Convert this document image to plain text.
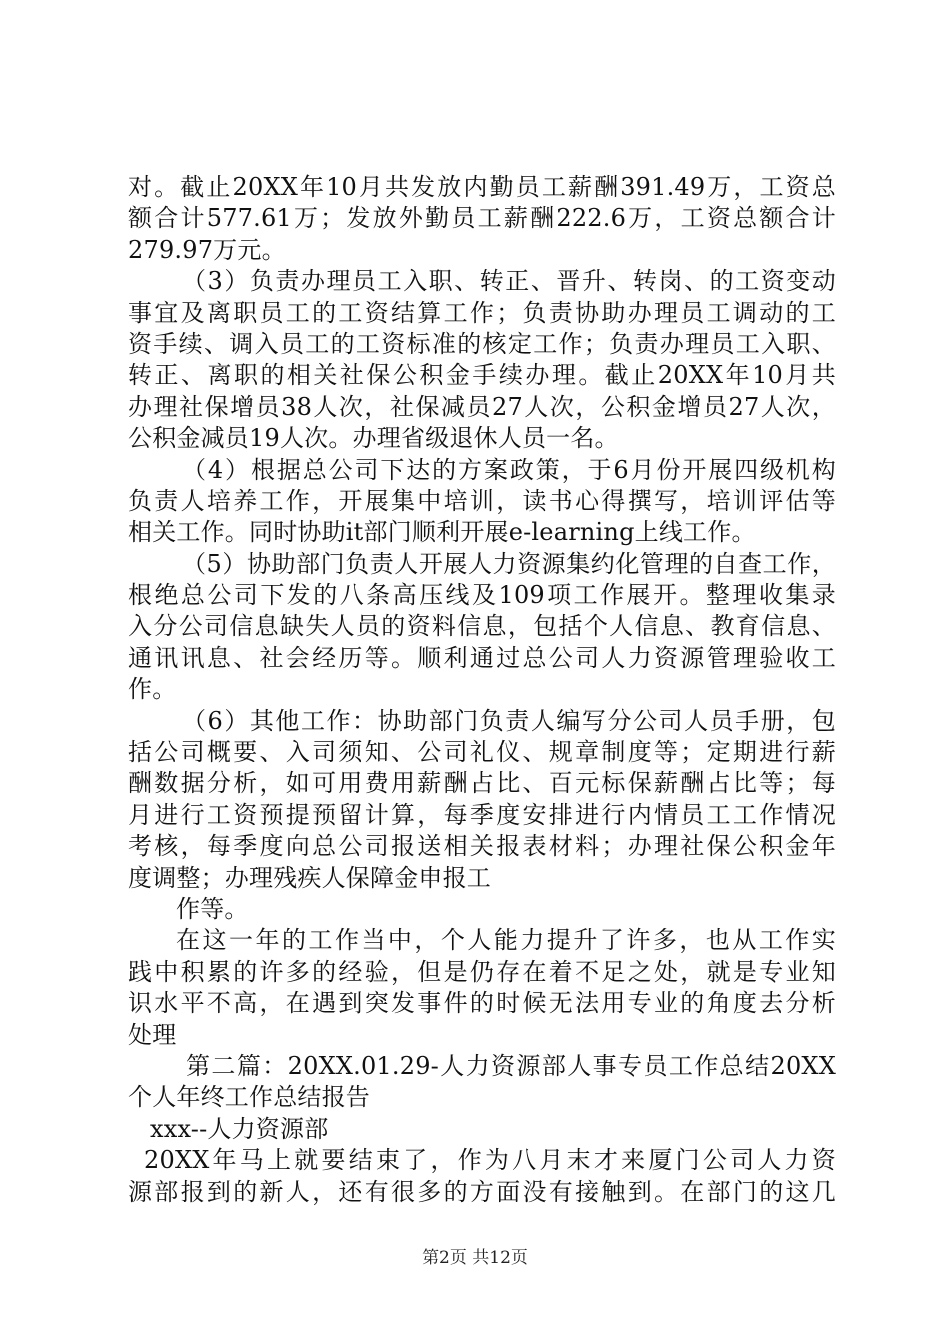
对。截止20XX年10月共发放内勤员工薪酬391.49万，工资总
额合计577.61万；发放外勤员工薪酬222.6万，工资总额合计
279.97万元。
（3）负责办理员工入职、转正、晋升、转岗、的工资变动
事宜及离职员工的工资结算工作；负责协助办理员工调动的工
资手续、调入员工的工资标准的核定工作；负责办理员工入职、
转正、离职的相关社保公积金手续办理。截止20XX年10月共
办理社保增员38人次，社保减员27人次，公积金增员27人次，
公积金减员19人次。办理省级退休人员一名。
（4）根据总公司下达的方案政策，于6月份开展四级机构
负责人培养工作，开展集中培训，读书心得撰写，培训评估等
相关工作。同时协助it部门顺利开展e-learning上线工作。
（5）协助部门负责人开展人力资源集约化管理的自查工作，
根绝总公司下发的八条高压线及109项工作展开。整理收集录
入分公司信息缺失人员的资料信息，包括个人信息、教育信息、
通讯讯息、社会经历等。顺利通过总公司人力资源管理验收工
作。
（6）其他工作：协助部门负责人编写分公司人员手册，包
括公司概要、入司须知、公司礼仪、规章制度等；定期进行薪
酬数据分析，如可用费用薪酬占比、百元标保薪酬占比等；每
月进行工资预提预留计算，每季度安排进行内情员工工作情况
考核，每季度向总公司报送相关报表材料；办理社保公积金年
度调整；办理残疾人保障金申报工
作等。
在这一年的工作当中，个人能力提升了许多，也从工作实
践中积累的许多的经验，但是仍存在着不足之处，就是专业知
识水平不高，在遇到突发事件的时候无法用专业的角度去分析
处理
第二篇：20XX.01.29-人力资源部人事专员工作总结20XX
个人年终工作总结报告
xxx--人力资源部
20XX年马上就要结束了，作为八月末才来厦门公司人力资
源部报到的新人，还有很多的方面没有接触到。在部门的这几
第2页 共12页
